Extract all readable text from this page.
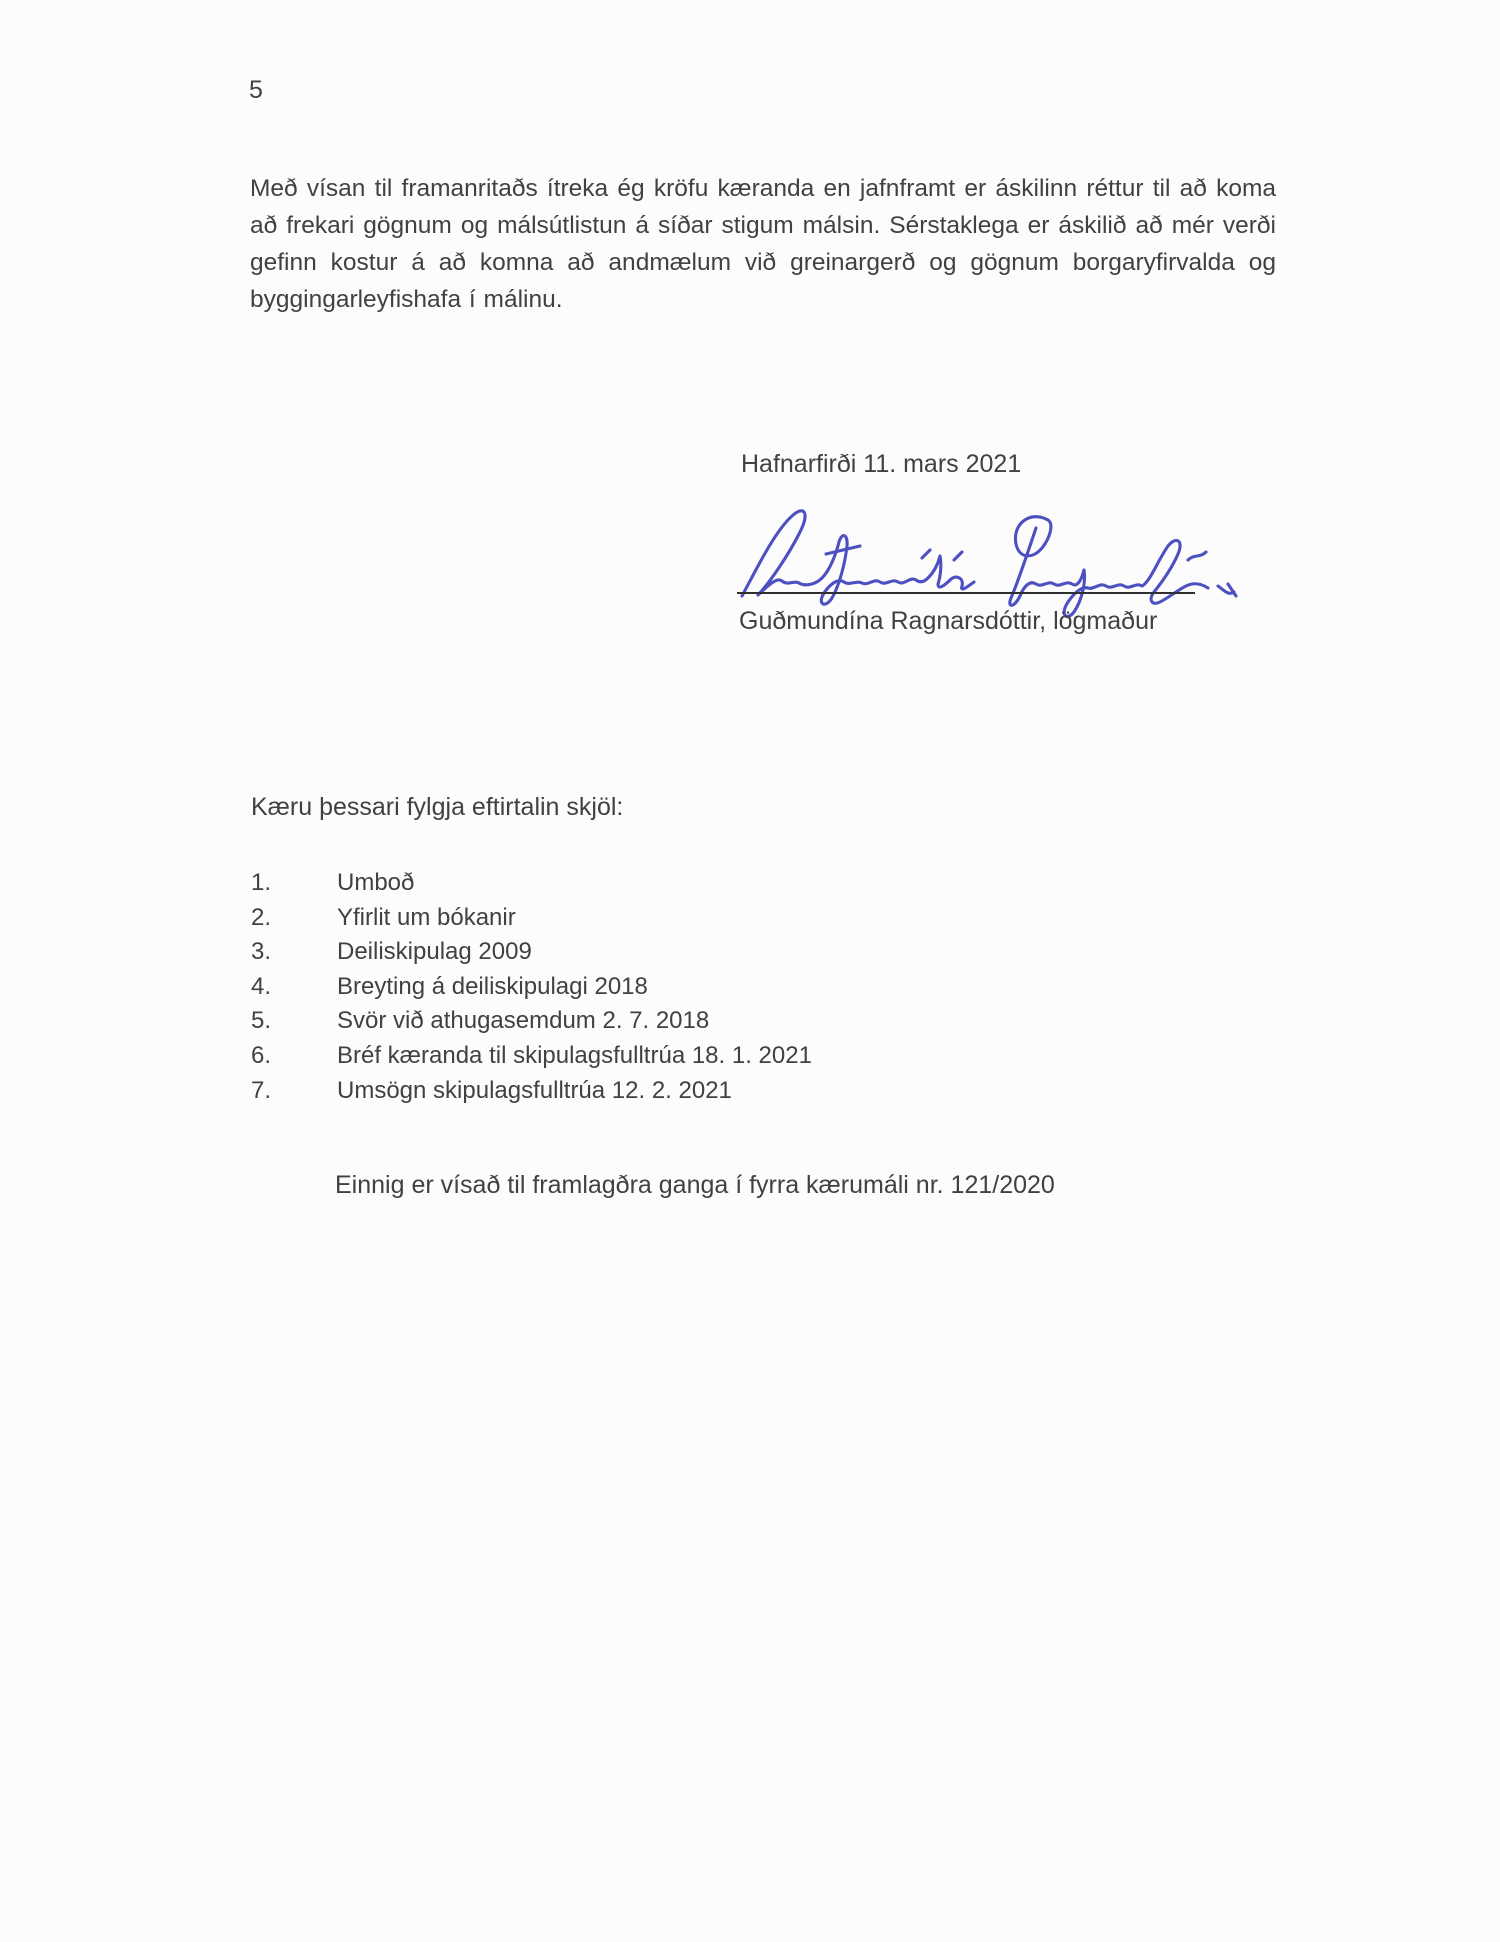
5
Með vísan til framanritaðs ítreka ég kröfu kæranda en jafnframt er áskilinn réttur til að koma að frekari gögnum og málsútlistun á síðar stigum málsin. Sérstaklega er áskilið að mér verði gefinn kostur á að komna að andmælum við greinargerð og gögnum borgaryfirvalda og byggingarleyfishafa í málinu.
Hafnarfirði 11. mars 2021
Guðmundína Ragnarsdóttir, lögmaður
Kæru þessari fylgja eftirtalin skjöl:
1.	Umboð
2.	Yfirlit um bókanir
3.	Deiliskipulag 2009
4.	Breyting á deiliskipulagi 2018
5.	Svör við athugasemdum 2. 7. 2018
6.	Bréf kæranda til skipulagsfulltrúa 18. 1. 2021
7.	Umsögn skipulagsfulltrúa 12. 2. 2021
Einnig er vísað til framlagðra ganga í fyrra kærumáli nr. 121/2020
